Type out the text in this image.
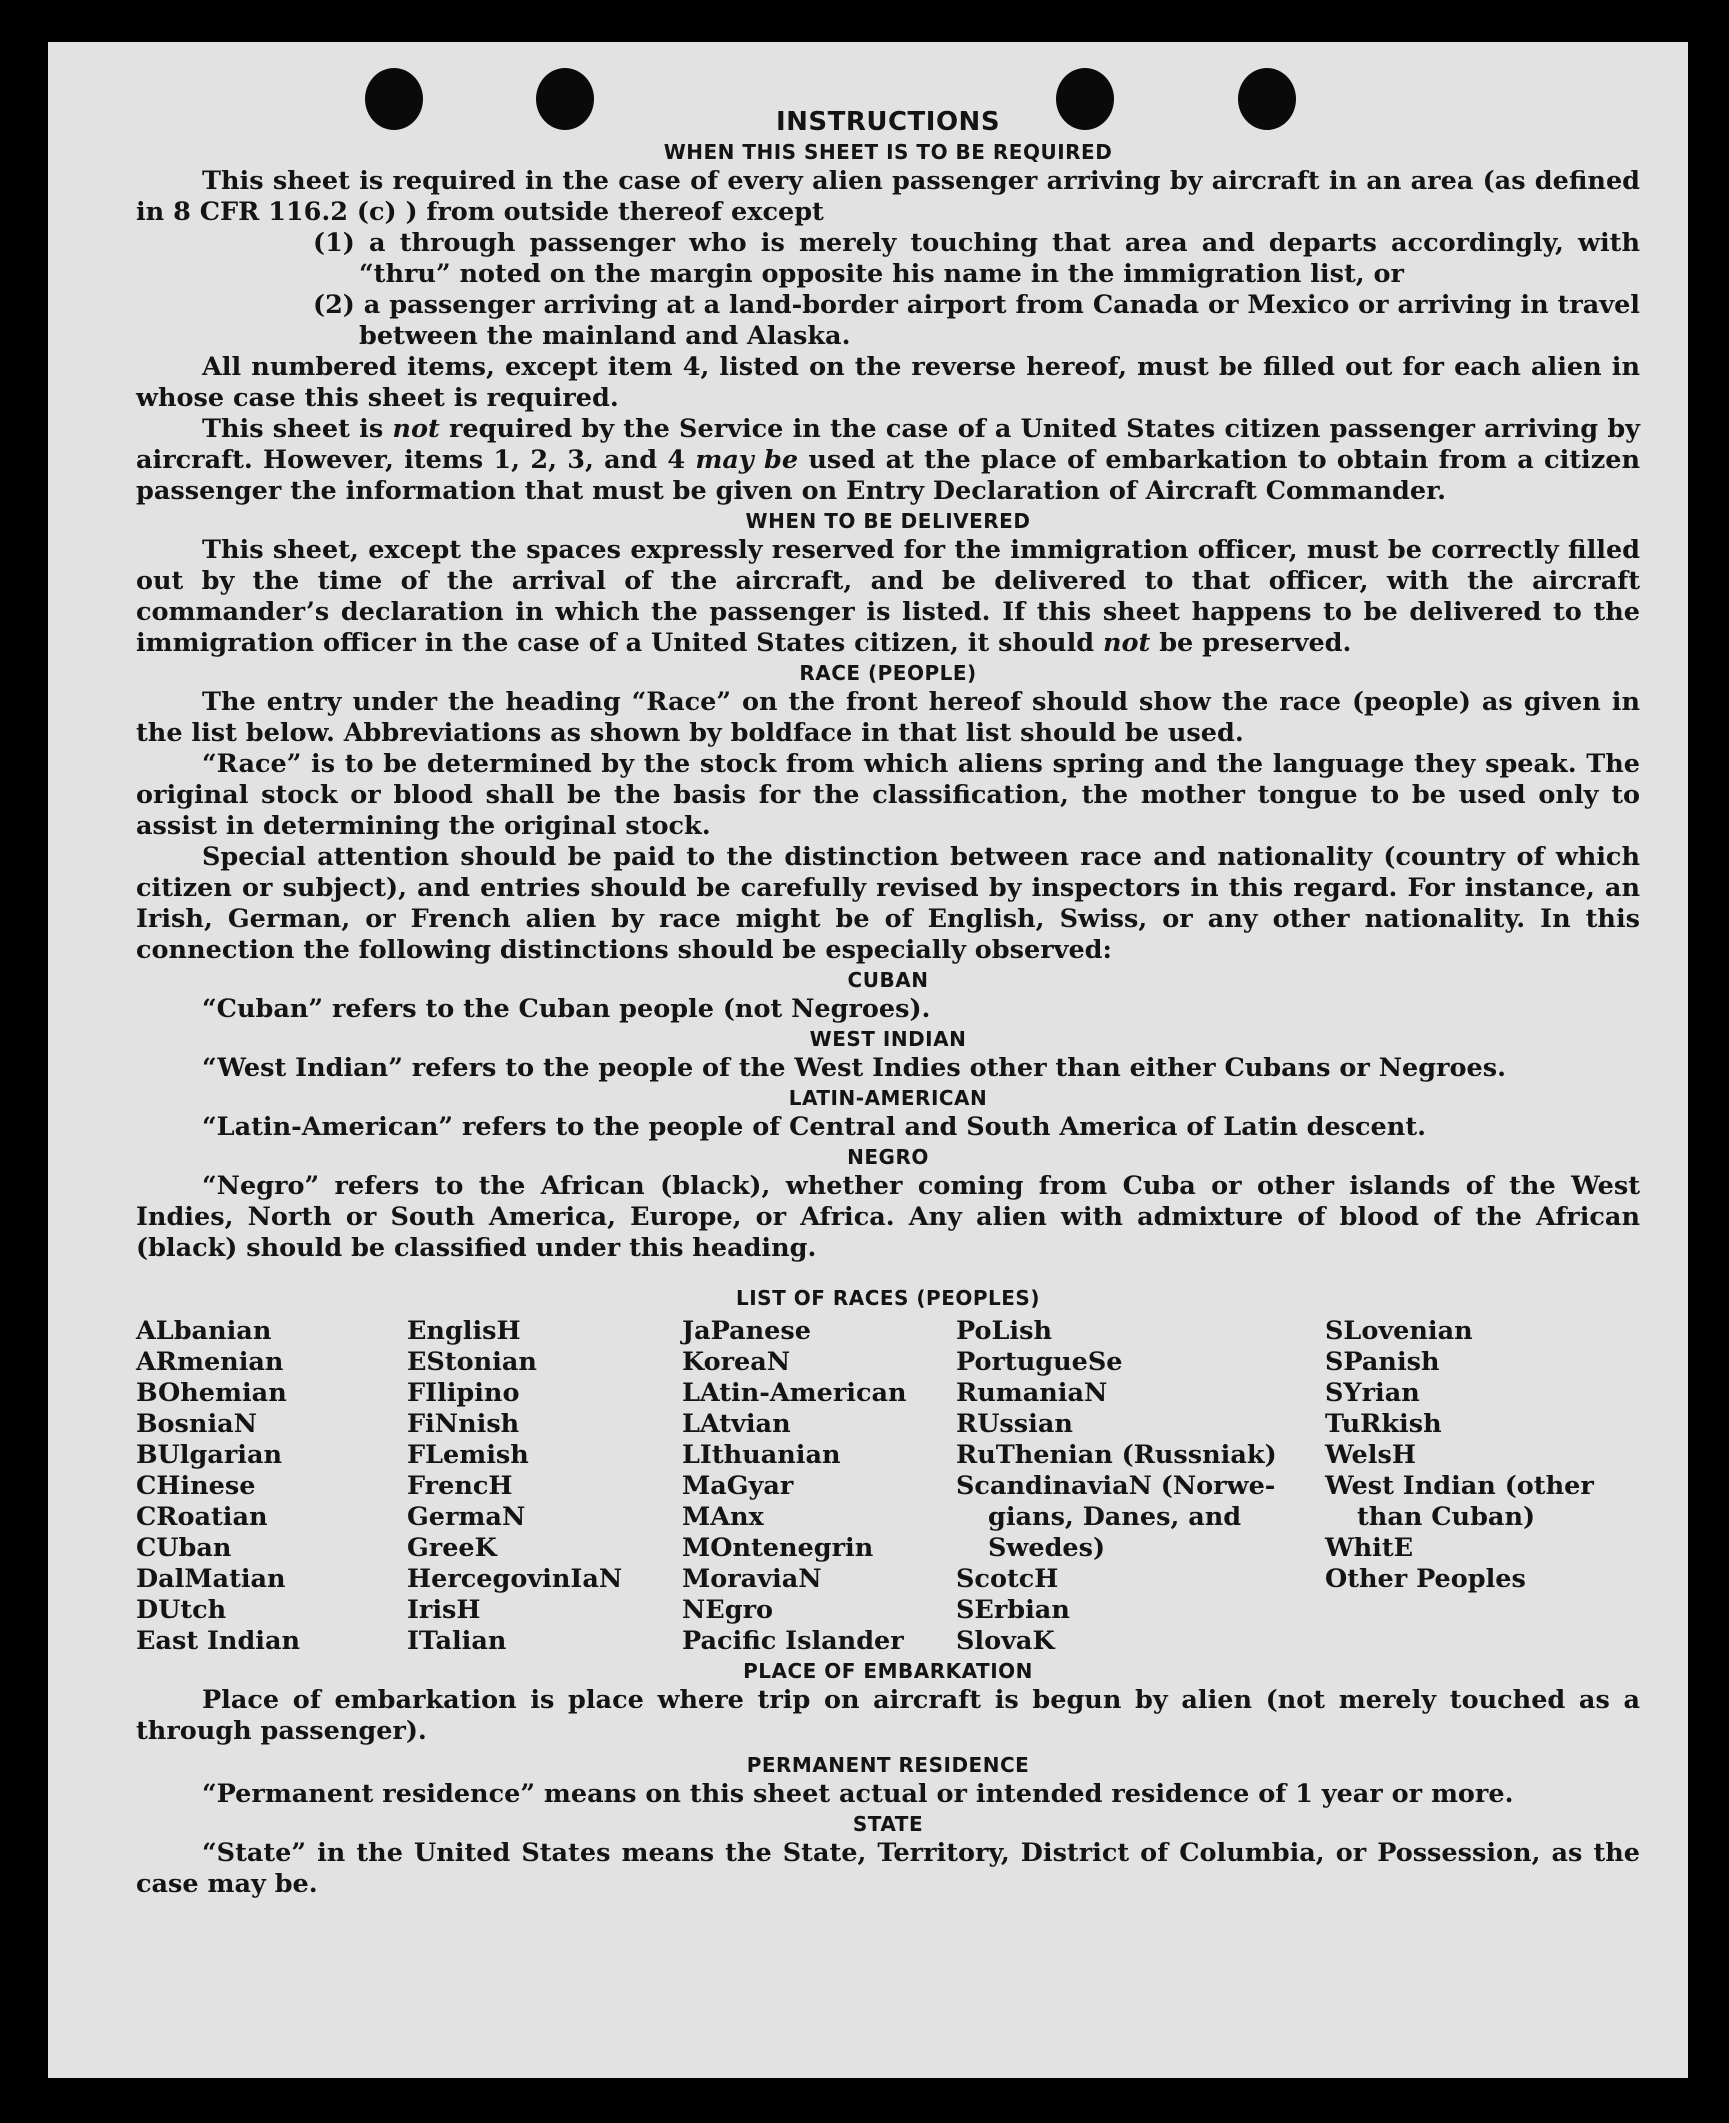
INSTRUCTIONS
WHEN THIS SHEET IS TO BE REQUIRED

This sheet is required in the case of every alien passenger arriving by aircraft in an area (as defined in 8 CFR 116.2 (c) ) from outside thereof except

(1) a through passenger who is merely touching that area and departs accordingly, with “thru” noted on the margin opposite his name in the immigration list, or

(2) a passenger arriving at a land-border airport from Canada or Mexico or arriving in travel between the mainland and Alaska.

All numbered items, except item 4, listed on the reverse hereof, must be filled out for each alien in whose case this sheet is required.

This sheet is not required by the Service in the case of a United States citizen passenger arriving by aircraft. However, items 1, 2, 3, and 4 may be used at the place of embarkation to obtain from a citizen passenger the information that must be given on Entry Declaration of Aircraft Commander.

WHEN TO BE DELIVERED

This sheet, except the spaces expressly reserved for the immigration officer, must be correctly filled out by the time of the arrival of the aircraft, and be delivered to that officer, with the aircraft commander’s declaration in which the passenger is listed. If this sheet happens to be delivered to the immigration officer in the case of a United States citizen, it should not be preserved.

RACE (PEOPLE)

The entry under the heading “Race” on the front hereof should show the race (people) as given in the list below. Abbreviations as shown by boldface in that list should be used.

“Race” is to be determined by the stock from which aliens spring and the language they speak. The original stock or blood shall be the basis for the classification, the mother tongue to be used only to assist in determining the original stock.

Special attention should be paid to the distinction between race and nationality (country of which citizen or subject), and entries should be carefully revised by inspectors in this regard. For instance, an Irish, German, or French alien by race might be of English, Swiss, or any other nationality. In this connection the following distinctions should be especially observed:

CUBAN

“Cuban” refers to the Cuban people (not Negroes).

WEST INDIAN

“West Indian” refers to the people of the West Indies other than either Cubans or Negroes.

LATIN-AMERICAN

“Latin-American” refers to the people of Central and South America of Latin descent.

NEGRO

“Negro” refers to the African (black), whether coming from Cuba or other islands of the West Indies, North or South America, Europe, or Africa. Any alien with admixture of blood of the African (black) should be classified under this heading.

LIST OF RACES (PEOPLES)
ALbanian
ARmenian
BOhemian
BosniaN
BUlgarian
CHinese
CRoatian
CUban
DalMatian
DUtch
East Indian
EnglisH
EStonian
FIlipino
FiNnish
FLemish
FrencH
GermaN
GreeK
HercegovinIaN
IrisH
ITalian
JaPanese
KoreaN
LAtin-American
LAtvian
LIthuanian
MaGyar
MAnx
MOntenegrin
MoraviaN
NEgro
Pacific Islander
PoLish
PortugueSe
RumaniaN
RUssian
RuThenian (Russniak)
ScandinaviaN (Norwe-
gians, Danes, and
Swedes)
ScotcH
SErbian
SlovaK
SLovenian
SPanish
SYrian
TuRkish
WelsH
West Indian (other
than Cuban)
WhitE
Other Peoples
PLACE OF EMBARKATION

Place of embarkation is place where trip on aircraft is begun by alien (not merely touched as a through passenger).

PERMANENT RESIDENCE

“Permanent residence” means on this sheet actual or intended residence of 1 year or more.

STATE

“State” in the United States means the State, Territory, District of Columbia, or Possession, as the case may be.
